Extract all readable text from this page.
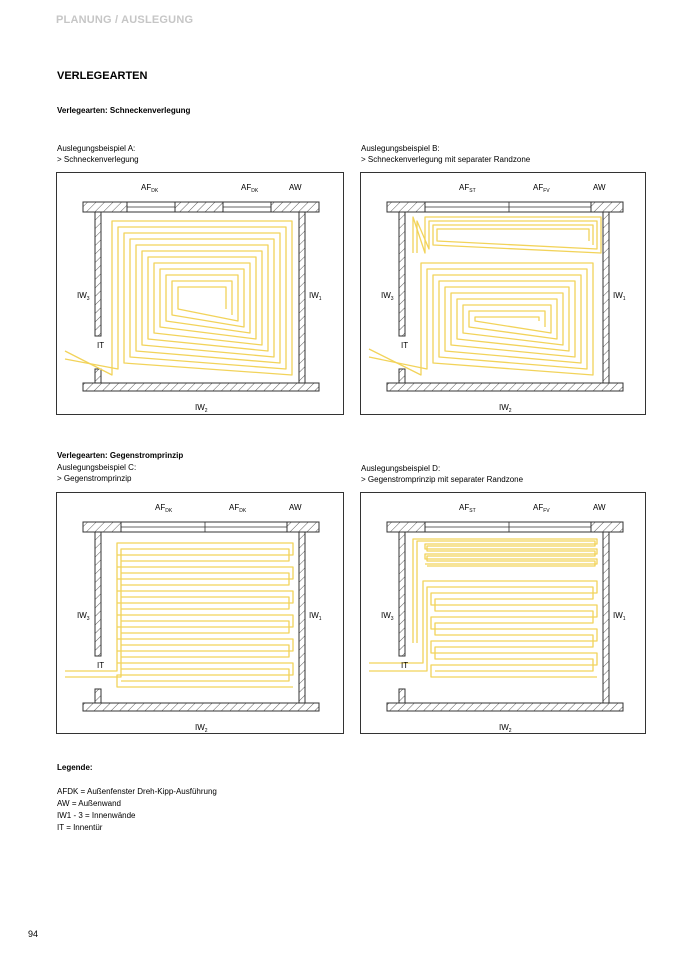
PLANUNG / AUSLEGUNG
VERLEGEARTEN
Verlegearten: Schneckenverlegung
Auslegungsbeispiel A:
> Schneckenverlegung
Auslegungsbeispiel B:
> Schneckenverlegung mit separater Randzone
Verlegearten: Gegenstromprinzip
Auslegungsbeispiel C:
> Gegenstromprinzip
Auslegungsbeispiel D:
> Gegenstromprinzip mit separater Randzone
$AF_{DK}$	$AF_{DK}$	AW
$IW_3$	$IW_1$
$IW_2$
IT
$AF_{ST}$	$AF_{FV}$	AW
$IW_3$	$IW_1$
$IW_2$
IT
$AF_{DK}$	$AF_{DK}$	AW
$IW_3$	$IW_1$
$IW_2$
IT
$AF_{ST}$	$AF_{FV}$	AW
$IW_3$	$IW_1$
$IW_2$
IT
Legende:
AFDK = Außenfenster Dreh-Kipp-Ausführung
AW = Außenwand
IW1 - 3 = Innenwände
IT = Innentür
94
